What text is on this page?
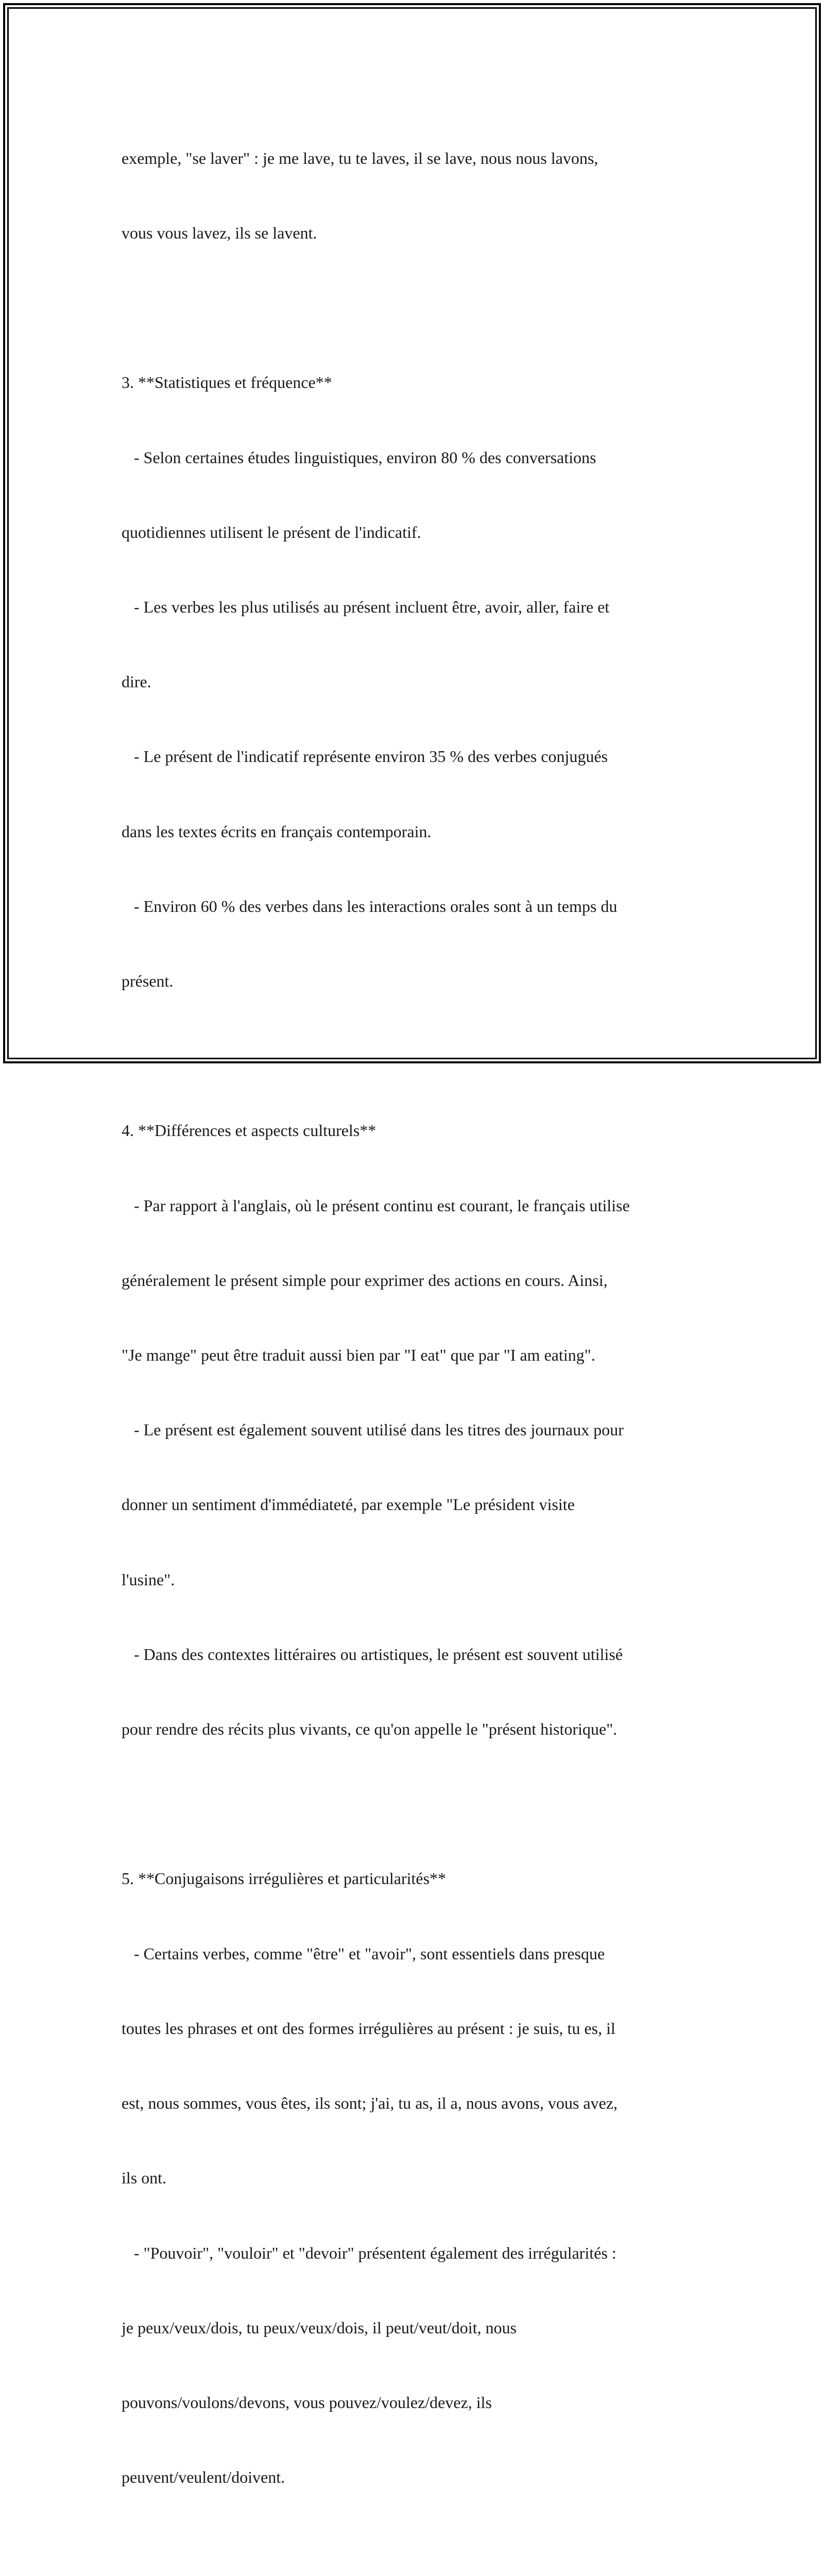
exemple, "se laver" : je me lave, tu te laves, il se lave, nous nous lavons,

vous vous lavez, ils se lavent.

3. **Statistiques et fréquence**

- Selon certaines études linguistiques, environ 80 % des conversations

quotidiennes utilisent le présent de l'indicatif.

- Les verbes les plus utilisés au présent incluent être, avoir, aller, faire et

dire.

- Le présent de l'indicatif représente environ 35 % des verbes conjugués

dans les textes écrits en français contemporain.

- Environ 60 % des verbes dans les interactions orales sont à un temps du

présent.

4. **Différences et aspects culturels**

- Par rapport à l'anglais, où le présent continu est courant, le français utilise

généralement le présent simple pour exprimer des actions en cours. Ainsi,

"Je mange" peut être traduit aussi bien par "I eat" que par "I am eating".

- Le présent est également souvent utilisé dans les titres des journaux pour

donner un sentiment d'immédiateté, par exemple "Le président visite

l'usine".

- Dans des contextes littéraires ou artistiques, le présent est souvent utilisé

pour rendre des récits plus vivants, ce qu'on appelle le "présent historique".

5. **Conjugaisons irrégulières et particularités**

- Certains verbes, comme "être" et "avoir", sont essentiels dans presque

toutes les phrases et ont des formes irrégulières au présent : je suis, tu es, il

est, nous sommes, vous êtes, ils sont; j'ai, tu as, il a, nous avons, vous avez,

ils ont.

- "Pouvoir", "vouloir" et "devoir" présentent également des irrégularités :

je peux/veux/dois, tu peux/veux/dois, il peut/veut/doit, nous

pouvons/voulons/devons, vous pouvez/voulez/devez, ils

peuvent/veulent/doivent.
